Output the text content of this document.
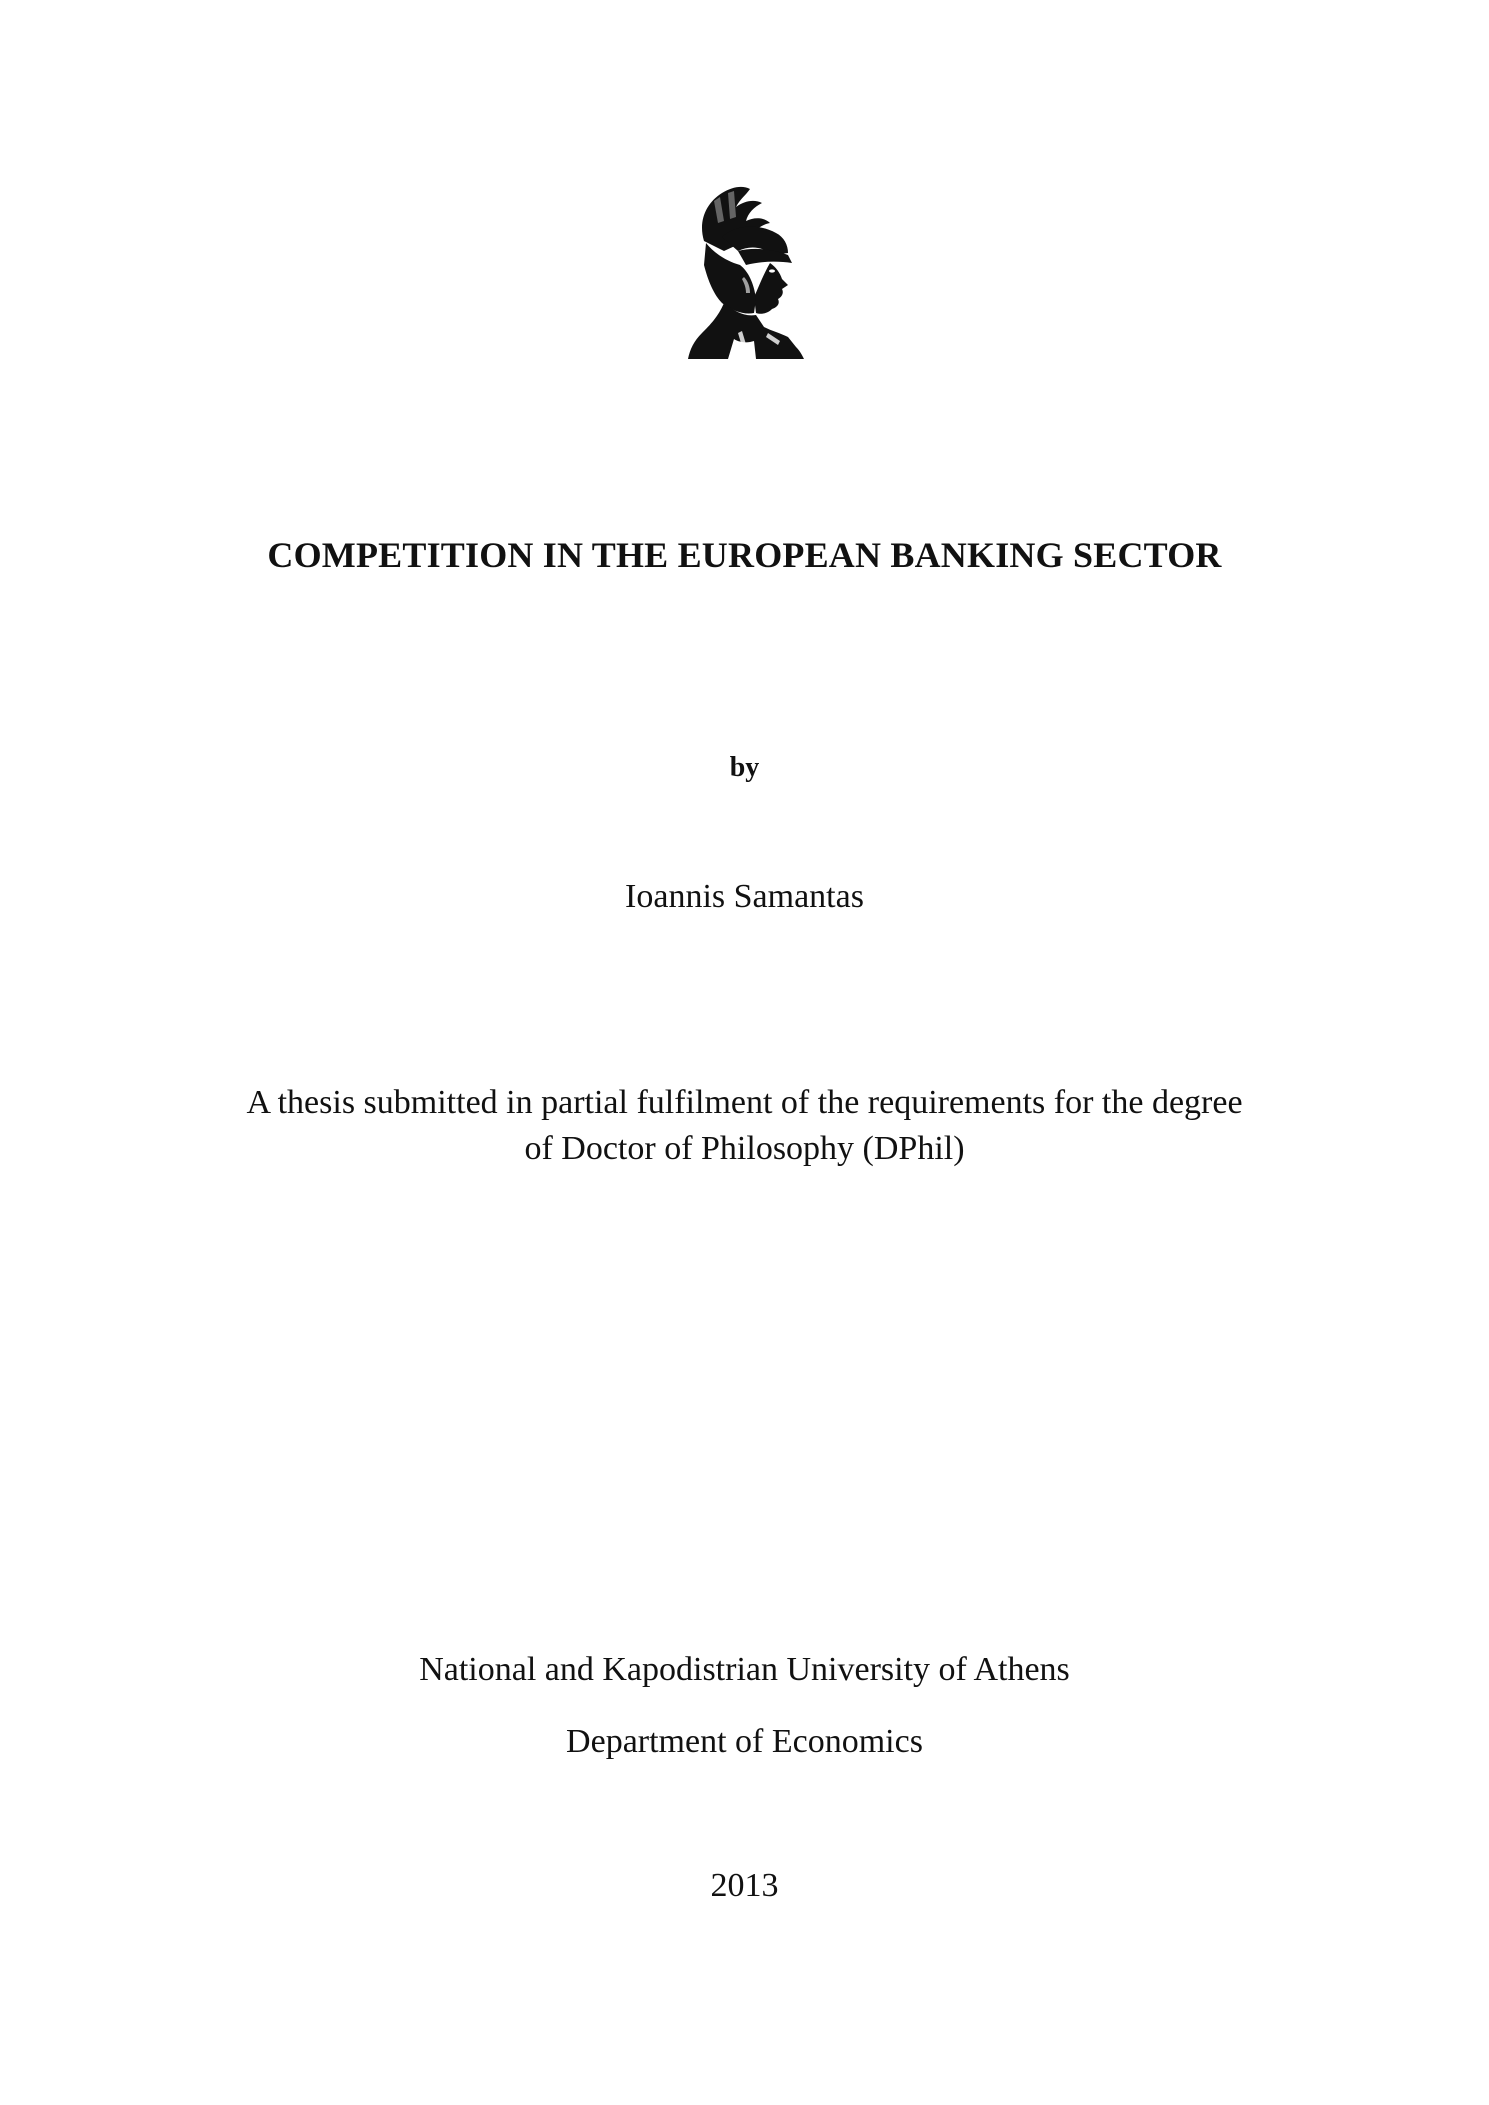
COMPETITION IN THE EUROPEAN BANKING SECTOR
by
Ioannis Samantas
A thesis submitted in partial fulfilment of the requirements for the degree
of Doctor of Philosophy (DPhil)
National and Kapodistrian University of Athens
Department of Economics
2013
